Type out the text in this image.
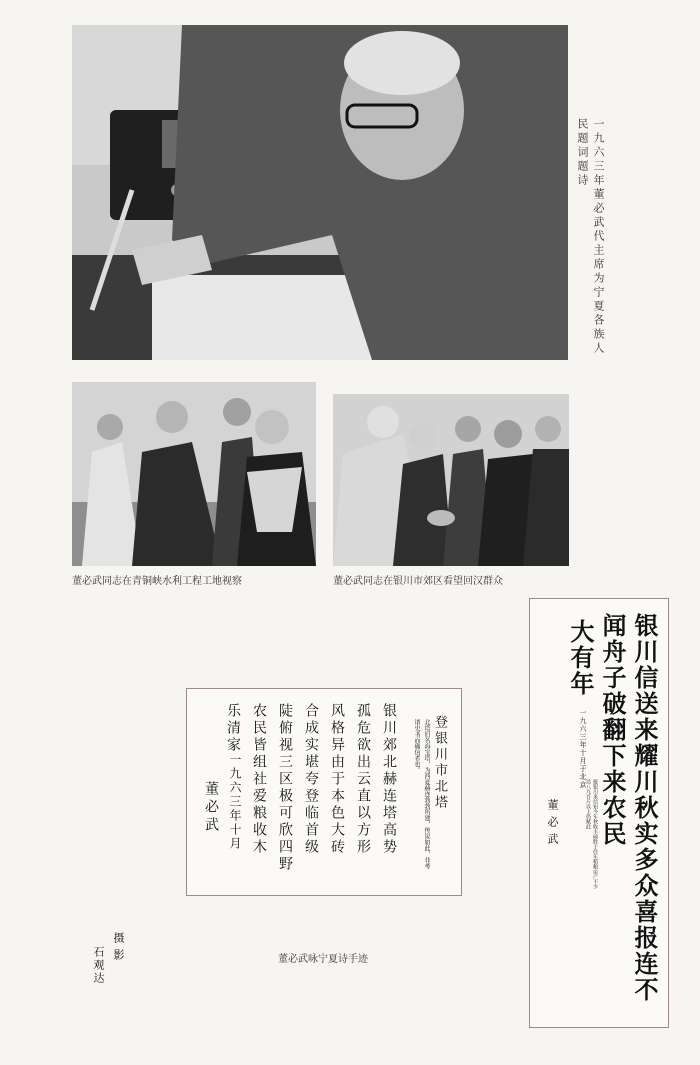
一九六三年董必武代主席为宁夏各族人民题词题诗
董必武同志在青铜峡水利工程工地视察	董必武同志在银川市郊区看望回汉群众
登银川市北塔
北塔旧名海宝塔，为西夏赫连勃勃所建，传说如此，非考诸史书而确信者也。
银川郊北赫连塔高势
孤危欲出云直以方形
风格异由于本色大砖
合成实堪夸登临首级
陡俯视三区极可欣四野
农民皆组社爱粮收木
乐清家
一九六三年十月
董必武
董必武咏宁夏诗手迹	银川信送来耀川秋实多众喜报连不
闻舟子破翻下来农民
大有年
一九六三年十月于北京
接银川来信知今年秋收丰硕胜于往年稻粮亩产不少达八九百斤以上仍赋此
董必武
摄影
石观达
